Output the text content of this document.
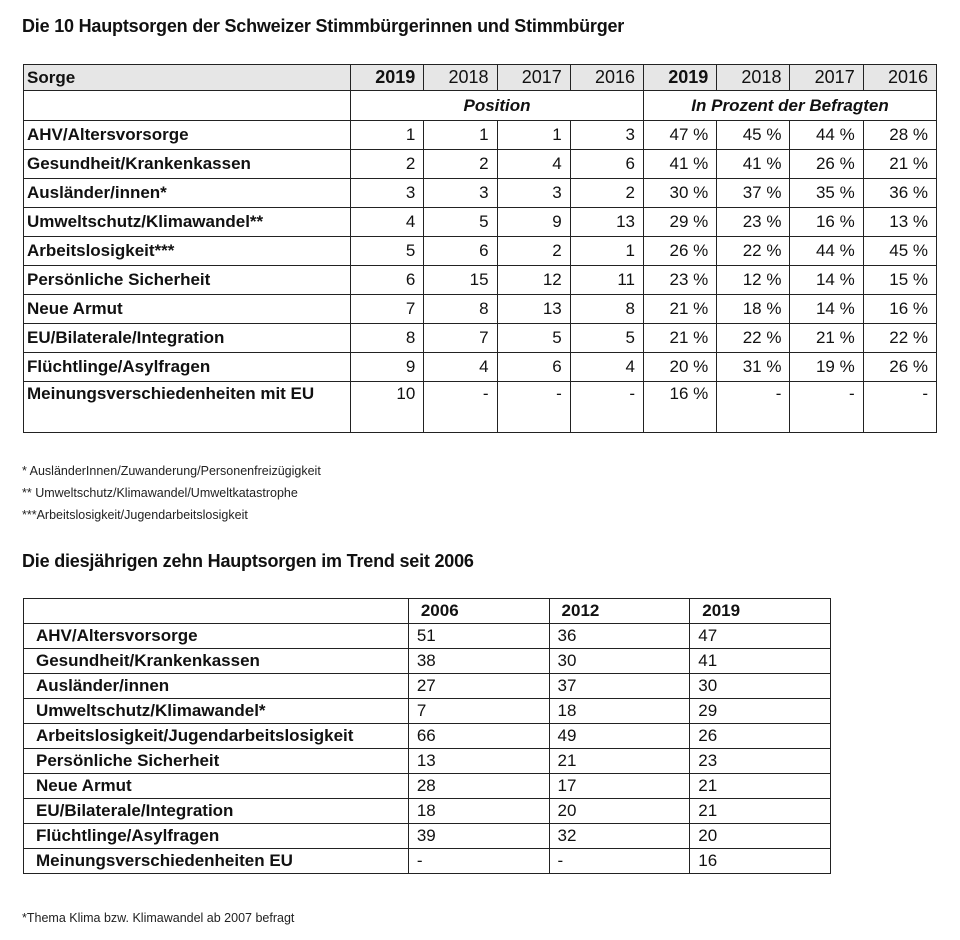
Die 10 Hauptsorgen der Schweizer Stimmbürgerinnen und Stimmbürger
Sorge	2019	2018	2017	2016	2019	2018	2017	2016
	Position				In Prozent der Befragten			
AHV/Altersvorsorge	1	1	1	3	47 %	45 %	44 %	28 %
Gesundheit/Krankenkassen	2	2	4	6	41 %	41 %	26 %	21 %
Ausländer/innen*	3	3	3	2	30 %	37 %	35 %	36 %
Umweltschutz/Klimawandel**	4	5	9	13	29 %	23 %	16 %	13 %
Arbeitslosigkeit***	5	6	2	1	26 %	22 %	44 %	45 %
Persönliche Sicherheit	6	15	12	11	23 %	12 %	14 %	15 %
Neue Armut	7	8	13	8	21 %	18 %	14 %	16 %
EU/Bilaterale/Integration	8	7	5	5	21 %	22 %	21 %	22 %
Flüchtlinge/Asylfragen	9	4	6	4	20 %	31 %	19 %	26 %
Meinungsverschiedenheiten mit EU	10	-	-	-	16 %	-	-	-
* AusländerInnen/Zuwanderung/Personenfreizügigkeit
** Umweltschutz/Klimawandel/Umweltkatastrophe
***Arbeitslosigkeit/Jugendarbeitslosigkeit
Die diesjährigen zehn Hauptsorgen im Trend seit 2006
	2006	2012	2019
AHV/Altersvorsorge	51	36	47
Gesundheit/Krankenkassen	38	30	41
Ausländer/innen	27	37	30
Umweltschutz/Klimawandel*	7	18	29
Arbeitslosigkeit/Jugendarbeitslosigkeit	66	49	26
Persönliche Sicherheit	13	21	23
Neue Armut	28	17	21
EU/Bilaterale/Integration	18	20	21
Flüchtlinge/Asylfragen	39	32	20
Meinungsverschiedenheiten EU	-	-	16
*Thema Klima bzw. Klimawandel ab 2007 befragt
